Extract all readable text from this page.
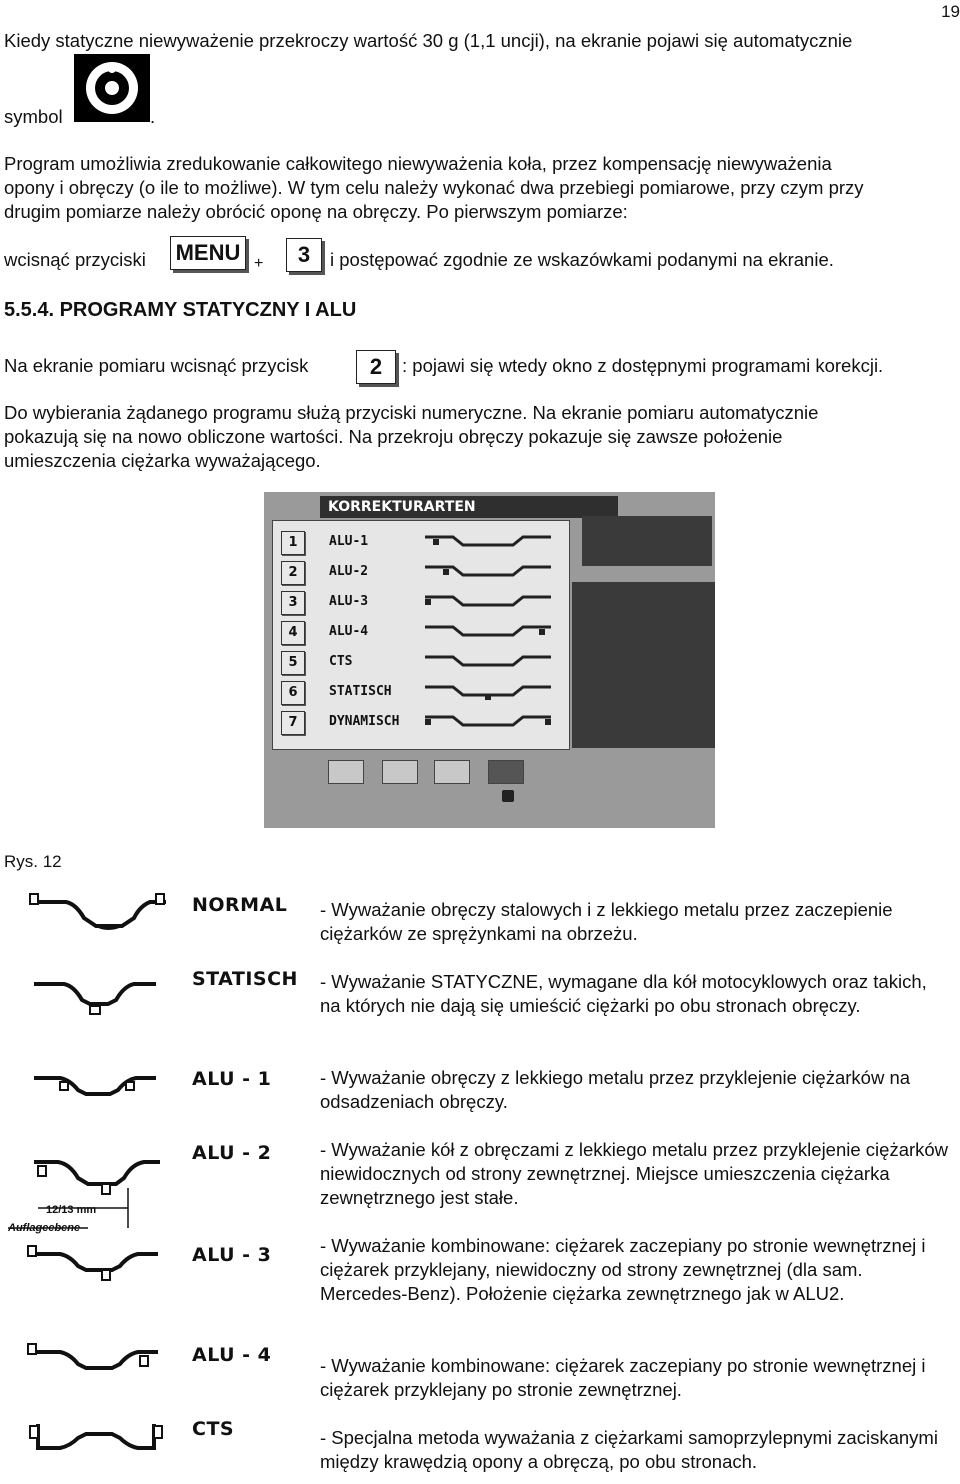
19
Kiedy statyczne niewyważenie przekroczy wartość 30 g (1,1 uncji), na ekranie pojawi się automatycznie
symbol	.
Program umożliwia zredukowanie całkowitego niewyważenia koła, przez kompensację niewyważenia
opony i obręczy (o ile to możliwe). W tym celu należy wykonać dwa przebiegi pomiarowe, przy czym przy
drugim pomiarze należy obrócić oponę na obręczy. Po pierwszym pomiarze:
wcisnąć przyciski MENU +	3	i postępować zgodnie ze wskazówkami podanymi na ekranie.
5.5.4. PROGRAMY STATYCZNY I ALU
Na ekranie pomiaru wcisnąć przycisk	2	: pojawi się wtedy okno z dostępnymi programami korekcji.
Do wybierania żądanego programu służą przyciski numeryczne. Na ekranie pomiaru automatycznie
pokazują się na nowo obliczone wartości. Na przekroju obręczy pokazuje się zawsze położenie
umieszczenia ciężarka wyważającego.
KORREKTURARTEN
1	ALU-1
2	ALU-2
3	ALU-3
4	ALU-4
5	CTS
6	STATISCH
7	DYNAMISCH
Rys. 12
NORMAL - Wyważanie obręczy stalowych i z lekkiego metalu przez zaczepienie ciężarków ze sprężynkami na obrzeżu.
STATISCH - Wyważanie STATYCZNE, wymagane dla kół motocyklowych oraz takich, na których nie dają się umieścić ciężarki po obu stronach obręczy.
ALU - 1	- Wyważanie obręczy z lekkiego metalu przez przyklejenie ciężarków na odsadzeniach obręczy.
12/13 mm
Auflageebene
ALU - 2	- Wyważanie kół z obręczami z lekkiego metalu przez przyklejenie ciężarków niewidocznych od strony zewnętrznej. Miejsce umieszczenia ciężarka zewnętrznego jest stałe.
ALU - 3	- Wyważanie kombinowane: ciężarek zaczepiany po stronie wewnętrznej i ciężarek przyklejany, niewidoczny od strony zewnętrznej (dla sam. Mercedes-Benz). Położenie ciężarka zewnętrznego jak w ALU2.
ALU - 4	- Wyważanie kombinowane: ciężarek zaczepiany po stronie wewnętrznej i ciężarek przyklejany po stronie zewnętrznej.
CTS	- Specjalna metoda wyważania z ciężarkami samoprzylepnymi zaciskanymi między krawędzią opony a obręczą, po obu stronach.
